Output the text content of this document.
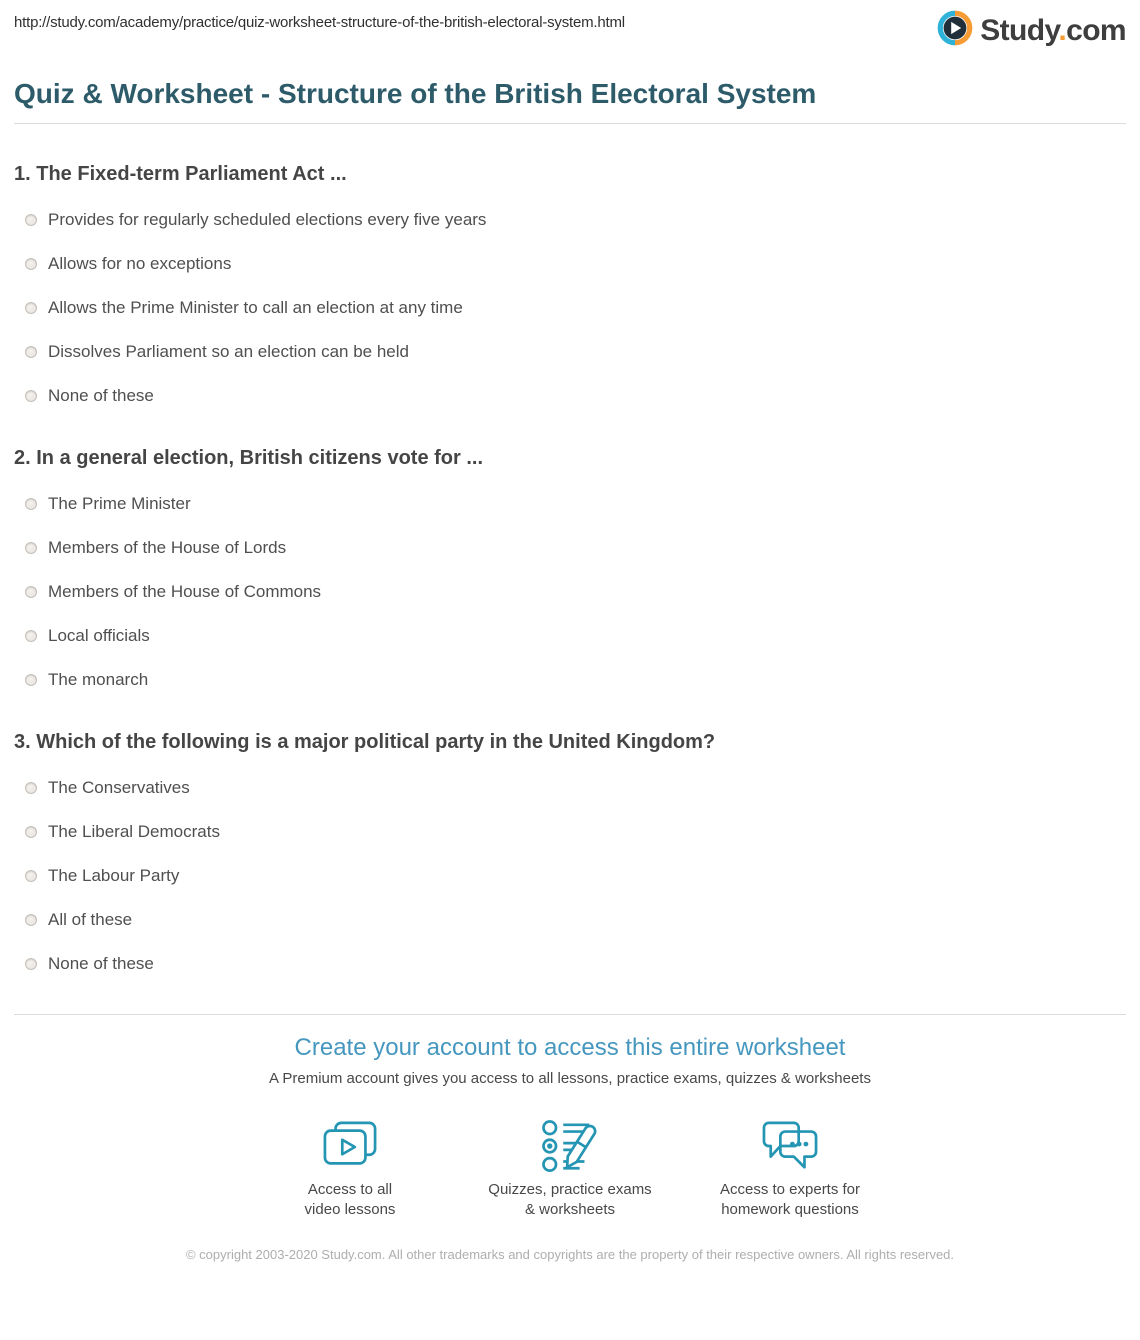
http://study.com/academy/practice/quiz-worksheet-structure-of-the-british-electoral-system.html	Study.com
Quiz & Worksheet - Structure of the British Electoral System
1. The Fixed-term Parliament Act ...
Provides for regularly scheduled elections every five years
Allows for no exceptions
Allows the Prime Minister to call an election at any time
Dissolves Parliament so an election can be held
None of these
2. In a general election, British citizens vote for ...
The Prime Minister
Members of the House of Lords
Members of the House of Commons
Local officials
The monarch
3. Which of the following is a major political party in the United Kingdom?
The Conservatives
The Liberal Democrats
The Labour Party
All of these
None of these
Create your account to access this entire worksheet

A Premium account gives you access to all lessons, practice exams, quizzes & worksheets

Access to all
video lessons
Quizzes, practice exams
& worksheets
Access to experts for
homework questions

© copyright 2003-2020 Study.com. All other trademarks and copyrights are the property of their respective owners. All rights reserved.
